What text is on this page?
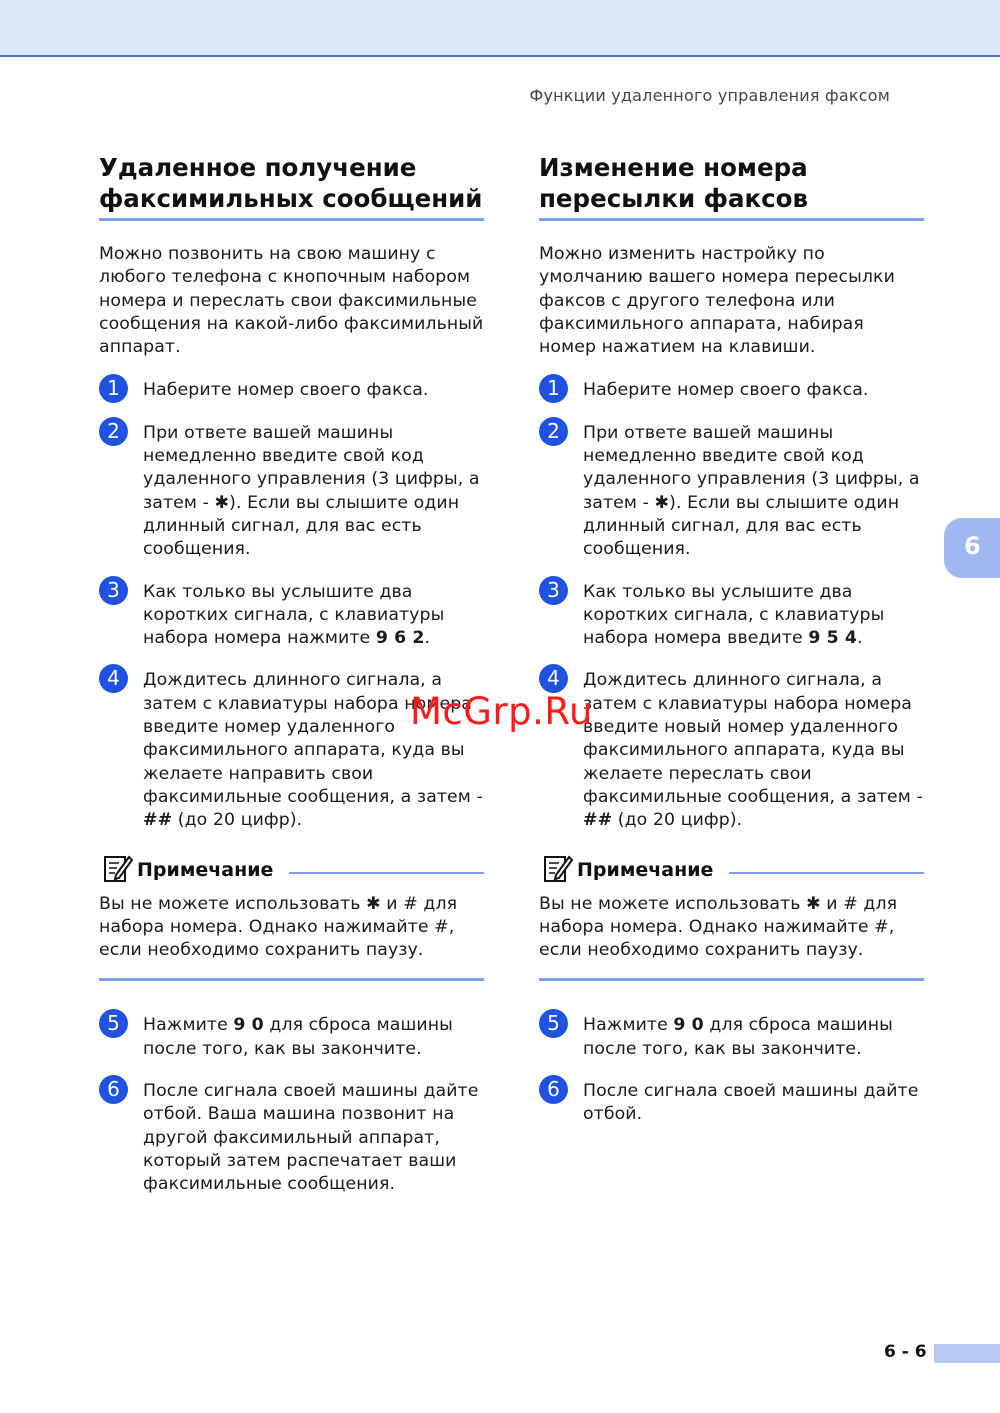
Функции удаленного управления факсом
Удаленное получение факсимильных сообщений

Можно позвонить на свою машину с любого телефона с кнопочным набором номера и переслать свои факсимильные сообщения на какой-либо факсимильный аппарат.

1	Наберите номер своего факса.

2	При ответе вашей машины немедленно введите свой код удаленного управления (3 цифры, а затем - ✱). Если вы слышите один длинный сигнал, для вас есть сообщения.

3	Как только вы услышите два коротких сигнала, с клавиатуры набора номера нажмите 9 6 2.

4	Дождитесь длинного сигнала, а затем с клавиатуры набора номера введите номер удаленного факсимильного аппарата, куда вы желаете направить свои факсимильные сообщения, а затем - ## (до 20 цифр).

Примечание

Вы не можете использовать ✱ и # для набора номера. Однако нажимайте #, если необходимо сохранить паузу.

5	Нажмите 9 0 для сброса машины после того, как вы закончите.

6	После сигнала своей машины дайте отбой. Ваша машина позвонит на другой факсимильный аппарат, который затем распечатает ваши факсимильные сообщения.

Изменение номера пересылки факсов

Можно изменить настройку по умолчанию вашего номера пересылки факсов с другого телефона или факсимильного аппарата, набирая номер нажатием на клавиши.

1	Наберите номер своего факса.

2	При ответе вашей машины немедленно введите свой код удаленного управления (3 цифры, а затем - ✱). Если вы слышите один длинный сигнал, для вас есть сообщения.

3	Как только вы услышите два коротких сигнала, с клавиатуры набора номера введите 9 5 4.

4	Дождитесь длинного сигнала, а затем с клавиатуры набора номера введите новый номер удаленного факсимильного аппарата, куда вы желаете переслать свои факсимильные сообщения, а затем - ## (до 20 цифр).

Примечание

Вы не можете использовать ✱ и # для набора номера. Однако нажимайте #, если необходимо сохранить паузу.

5	Нажмите 9 0 для сброса машины после того, как вы закончите.

6	После сигнала своей машины дайте отбой.

6
McGrp.Ru
6 - 6
